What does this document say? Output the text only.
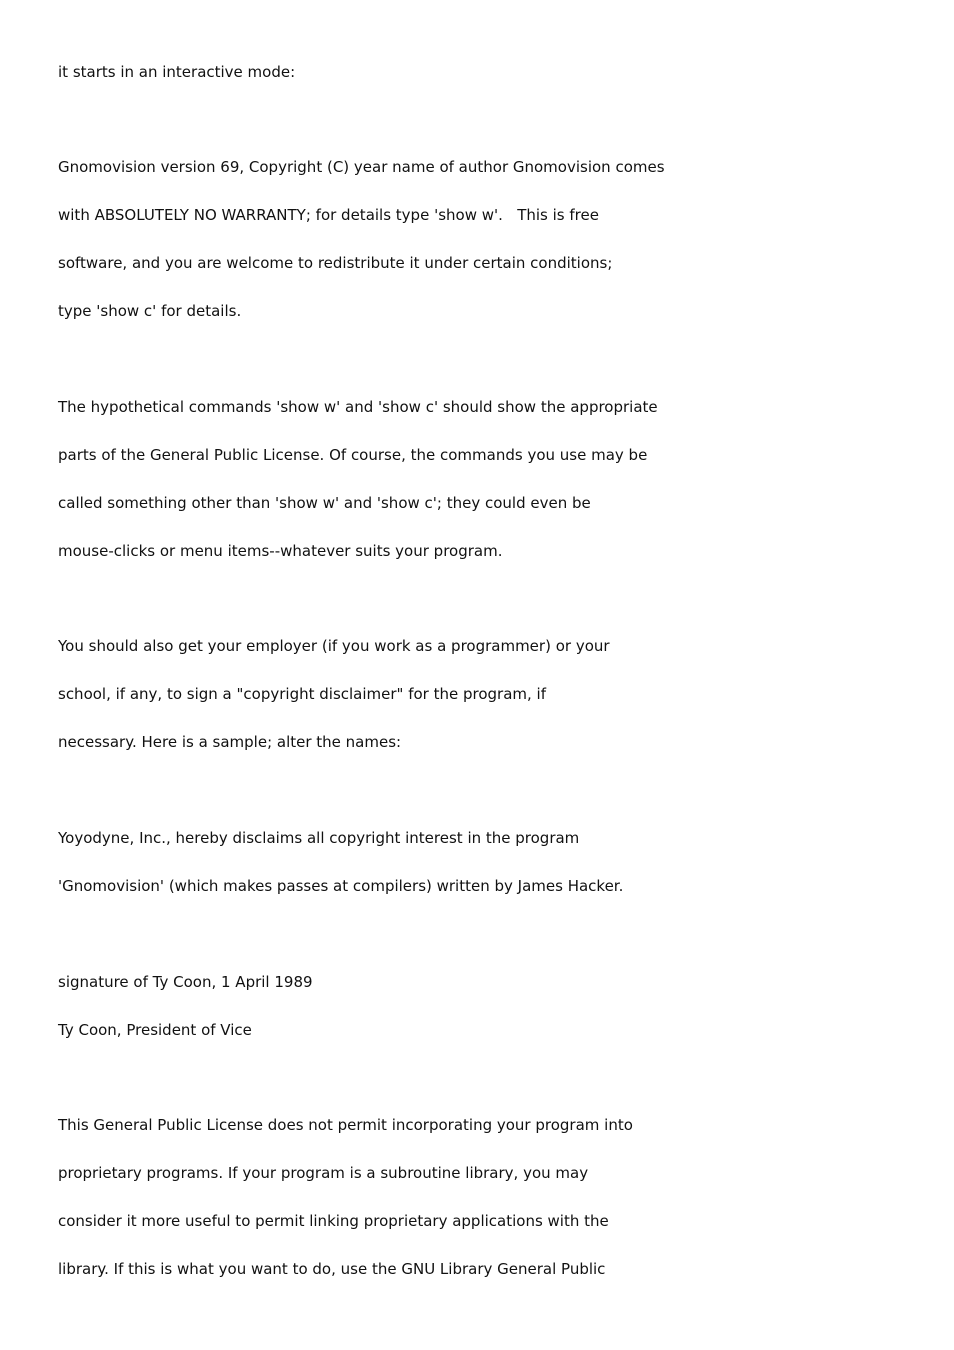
it starts in an interactive mode:

Gnomovision version 69, Copyright (C) year name of author Gnomovision comes

with ABSOLUTELY NO WARRANTY; for details type 'show w'.   This is free

software, and you are welcome to redistribute it under certain conditions;

type 'show c' for details.

The hypothetical commands 'show w' and 'show c' should show the appropriate

parts of the General Public License. Of course, the commands you use may be

called something other than 'show w' and 'show c'; they could even be

mouse-clicks or menu items--whatever suits your program.

You should also get your employer (if you work as a programmer) or your

school, if any, to sign a "copyright disclaimer" for the program, if

necessary. Here is a sample; alter the names:

Yoyodyne, Inc., hereby disclaims all copyright interest in the program

'Gnomovision' (which makes passes at compilers) written by James Hacker.

signature of Ty Coon, 1 April 1989

Ty Coon, President of Vice

This General Public License does not permit incorporating your program into

proprietary programs. If your program is a subroutine library, you may

consider it more useful to permit linking proprietary applications with the

library. If this is what you want to do, use the GNU Library General Public
